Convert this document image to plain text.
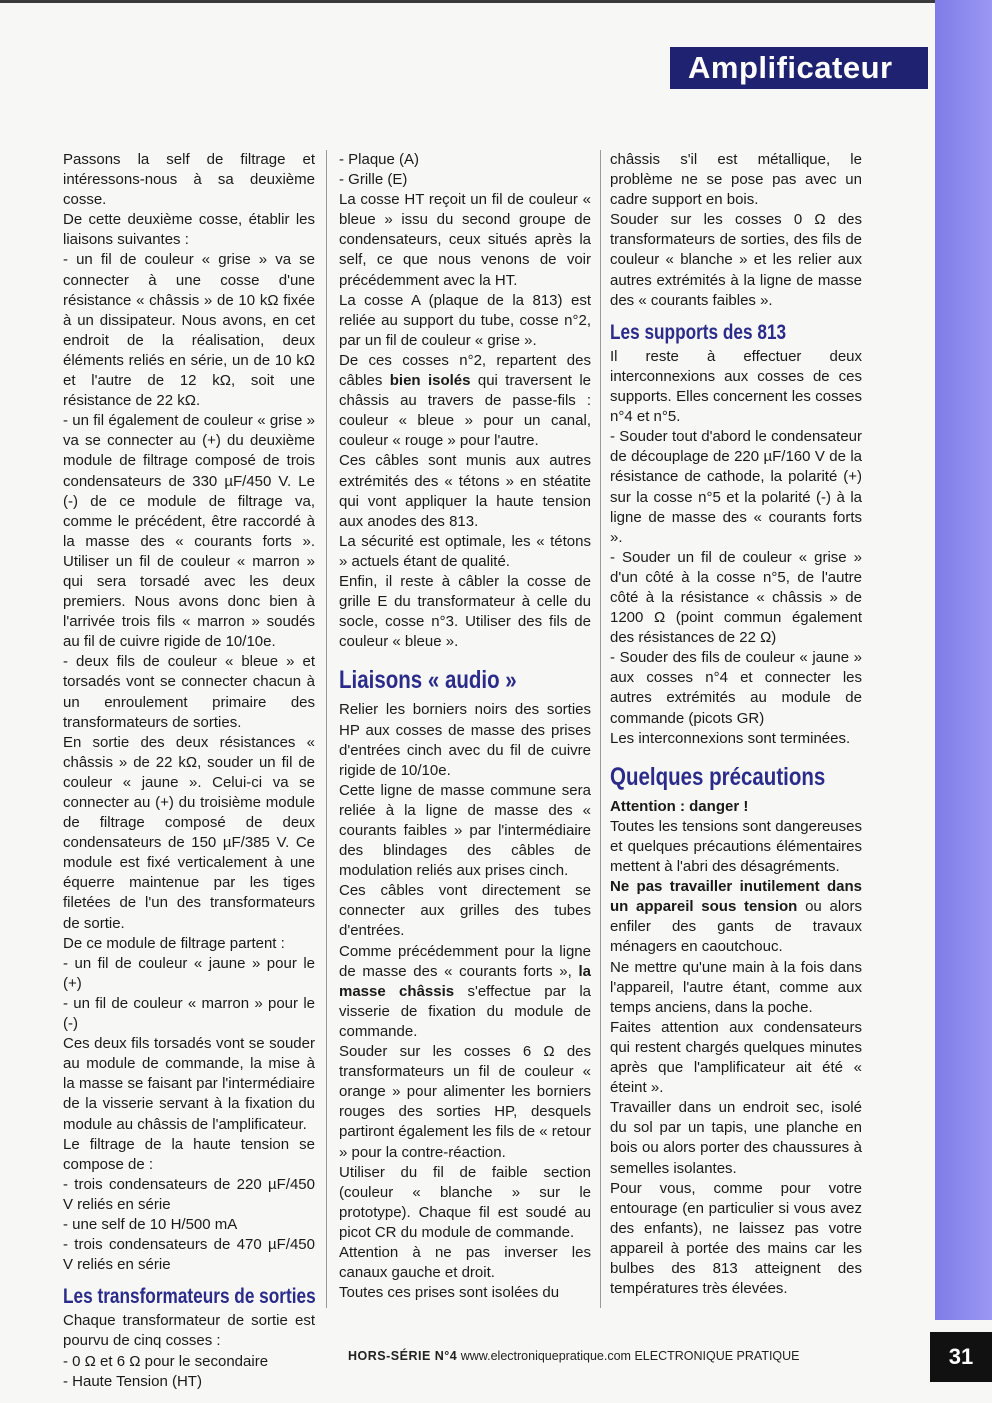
Amplificateur

Passons la self de filtrage et intéressons-nous à sa deuxième cosse.

De cette deuxième cosse, établir les liaisons suivantes :

- un fil de couleur « grise » va se connecter à une cosse d'une résistance « châssis » de 10 kΩ fixée à un dissipateur. Nous avons, en cet endroit de la réalisation, deux éléments reliés en série, un de 10 kΩ et l'autre de 12 kΩ, soit une résistance de 22 kΩ.

- un fil également de couleur « grise » va se connecter au (+) du deuxième module de filtrage composé de trois condensateurs de 330 µF/450 V. Le (-) de ce module de filtrage va, comme le précédent, être raccordé à la masse des « courants forts ». Utiliser un fil de couleur « marron » qui sera torsadé avec les deux premiers. Nous avons donc bien à l'arrivée trois fils « marron » soudés au fil de cuivre rigide de 10/10e.

- deux fils de couleur « bleue » et torsadés vont se connecter chacun à un enroulement primaire des transformateurs de sorties.

En sortie des deux résistances « châssis » de 22 kΩ, souder un fil de couleur « jaune ». Celui-ci va se connecter au (+) du troisième module de filtrage composé de deux condensateurs de 150 µF/385 V. Ce module est fixé verticalement à une équerre maintenue par les tiges filetées de l'un des transformateurs de sortie.

De ce module de filtrage partent :

- un fil de couleur « jaune » pour le (+)

- un fil de couleur « marron » pour le (-)

Ces deux fils torsadés vont se souder au module de commande, la mise à la masse se faisant par l'intermédiaire de la visserie servant à la fixation du module au châssis de l'amplificateur.

Le filtrage de la haute tension se compose de :

- trois condensateurs de 220 µF/450 V reliés en série

- une self de 10 H/500 mA

- trois condensateurs de 470 µF/450 V reliés en série

Les transformateurs de sorties

Chaque transformateur de sortie est pourvu de cinq cosses :

- 0 Ω et 6 Ω pour le secondaire

- Haute Tension (HT)

- Plaque (A)

- Grille (E)

La cosse HT reçoit un fil de couleur « bleue » issu du second groupe de condensateurs, ceux situés après la self, ce que nous venons de voir précédemment avec la HT.

La cosse A (plaque de la 813) est reliée au support du tube, cosse n°2, par un fil de couleur « grise ».

De ces cosses n°2, repartent des câbles bien isolés qui traversent le châssis au travers de passe-fils : couleur « bleue » pour un canal, couleur « rouge » pour l'autre.

Ces câbles sont munis aux autres extrémités des « tétons » en stéatite qui vont appliquer la haute tension aux anodes des 813.

La sécurité est optimale, les « tétons » actuels étant de qualité.

Enfin, il reste à câbler la cosse de grille E du transformateur à celle du socle, cosse n°3. Utiliser des fils de couleur « bleue ».

Liaisons « audio »

Relier les borniers noirs des sorties HP aux cosses de masse des prises d'entrées cinch avec du fil de cuivre rigide de 10/10e.

Cette ligne de masse commune sera reliée à la ligne de masse des « courants faibles » par l'intermédiaire des blindages des câbles de modulation reliés aux prises cinch.

Ces câbles vont directement se connecter aux grilles des tubes d'entrées.

Comme précédemment pour la ligne de masse des « courants forts », la masse châssis s'effectue par la visserie de fixation du module de commande.

Souder sur les cosses 6 Ω des transformateurs un fil de couleur « orange » pour alimenter les borniers rouges des sorties HP, desquels partiront également les fils de « retour » pour la contre-réaction.

Utiliser du fil de faible section (couleur « blanche » sur le prototype). Chaque fil est soudé au picot CR du module de commande.

Attention à ne pas inverser les canaux gauche et droit.

Toutes ces prises sont isolées du

châssis s'il est métallique, le problème ne se pose pas avec un cadre support en bois.

Souder sur les cosses 0 Ω des transformateurs de sorties, des fils de couleur « blanche » et les relier aux autres extrémités à la ligne de masse des « courants faibles ».

Les supports des 813

Il reste à effectuer deux interconnexions aux cosses de ces supports. Elles concernent les cosses n°4 et n°5.

- Souder tout d'abord le condensateur de découplage de 220 µF/160 V de la résistance de cathode, la polarité (+) sur la cosse n°5 et la polarité (-) à la ligne de masse des « courants forts ».

- Souder un fil de couleur « grise » d'un côté à la cosse n°5, de l'autre côté à la résistance « châssis » de 1200 Ω (point commun également des résistances de 22 Ω)

- Souder des fils de couleur « jaune » aux cosses n°4 et connecter les autres extrémités au module de commande (picots GR)

Les interconnexions sont terminées.

Quelques précautions

Attention : danger !

Toutes les tensions sont dangereuses et quelques précautions élémentaires mettent à l'abri des désagréments.

Ne pas travailler inutilement dans un appareil sous tension ou alors enfiler des gants de travaux ménagers en caoutchouc.

Ne mettre qu'une main à la fois dans l'appareil, l'autre étant, comme aux temps anciens, dans la poche.

Faites attention aux condensateurs qui restent chargés quelques minutes après que l'amplificateur ait été « éteint ».

Travailler dans un endroit sec, isolé du sol par un tapis, une planche en bois ou alors porter des chaussures à semelles isolantes.

Pour vous, comme pour votre entourage (en particulier si vous avez des enfants), ne laissez pas votre appareil à portée des mains car les bulbes des 813 atteignent des températures très élevées.

HORS-SÉRIE N°4 www.electroniquepratique.com ELECTRONIQUE PRATIQUE	31
